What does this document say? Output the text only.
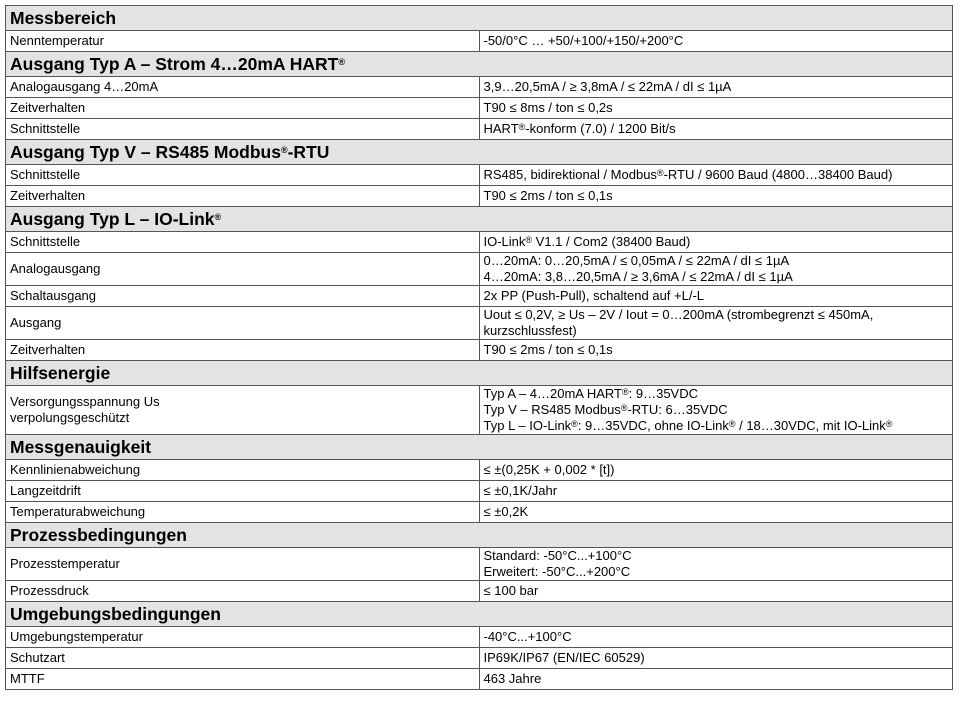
Messbereich	
Nenntemperatur	-50/0°C … +50/+100/+150/+200°C

Ausgang Typ A – Strom 4…20mA HART®
Analogausgang 4…20mA	3,9…20,5mA / ≥ 3,8mA / ≤ 22mA / dI ≤ 1µA

Zeitverhalten	T90 ≤ 8ms / ton ≤ 0,2s

Schnittstelle	HART®-konform (7.0) / 1200 Bit/s

Ausgang Typ V – RS485 Modbus®-RTU	
Schnittstelle	RS485, bidirektional / Modbus®-RTU / 9600 Baud (4800…38400 Baud)

Zeitverhalten	T90 ≤ 2ms / ton ≤ 0,1s

Ausgang Typ L – IO-Link®
Schnittstelle	IO-Link® V1.1 / Com2 (38400 Baud)

Analogausgang	0…20mA: 0…20,5mA / ≤ 0,05mA / ≤ 22mA / dI ≤ 1µA
4…20mA: 3,8…20,5mA / ≥ 3,6mA / ≤ 22mA / dI ≤ 1µA

Schaltausgang	2x PP (Push-Pull), schaltend auf +L/-L

Ausgang	Uout ≤ 0,2V, ≥ Us – 2V / Iout = 0…200mA (strombegrenzt ≤ 450mA, kurzschlussfest)

Zeitverhalten	T90 ≤ 2ms / ton ≤ 0,1s

Hilfsenergie	
Versorgungsspannung Us
verpolungsgeschützt	Typ A – 4…20mA HART®: 9…35VDC
Typ V – RS485 Modbus®-RTU: 6…35VDC
Typ L – IO-Link®: 9…35VDC, ohne IO-Link® / 18…30VDC, mit IO-Link®

Messgenauigkeit	
Kennlinienabweichung	≤ ±(0,25K + 0,002 * [t])

Langzeitdrift	≤ ±0,1K/Jahr

Temperaturabweichung	≤ ±0,2K

Prozessbedingungen	
Prozesstemperatur	Standard: -50°C...+100°C
Erweitert: -50°C...+200°C

Prozessdruck	≤ 100 bar

Umgebungsbedingungen	
Umgebungstemperatur	-40°C...+100°C

Schutzart	IP69K/IP67 (EN/IEC 60529)

MTTF	463 Jahre
